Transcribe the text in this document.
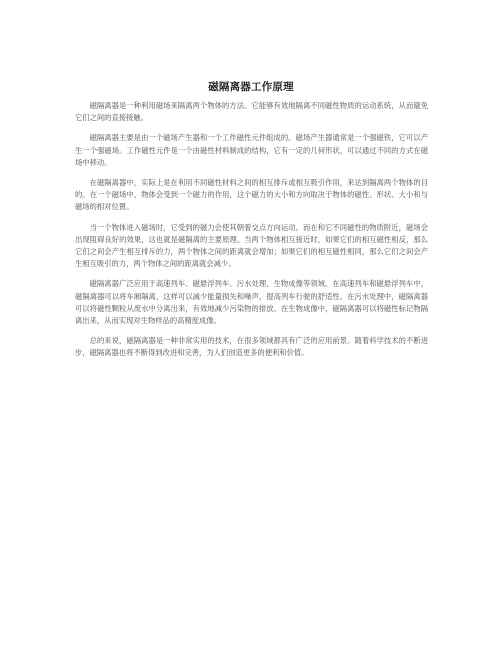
磁隔离器工作原理

磁隔离器是一种利用磁场来隔离两个物体的方法。它能够有效地隔离不同磁性物质的运动系统，从而避免它们之间的直接接触。

磁隔离器主要是由一个磁场产生器和一个工作磁性元件组成的。磁场产生器通常是一个强磁铁，它可以产生一个强磁场。工作磁性元件是一个由磁性材料制成的结构，它有一定的几何形状，可以通过不同的方式在磁场中移动。

在磁隔离器中，实际上是在利用不同磁性材料之间的相互排斥或相互吸引作用，来达到隔离两个物体的目的。在一个磁场中，物体会受到一个磁力的作用，这个磁力的大小和方向取决于物体的磁性、形状、大小和与磁场的相对位置。

当一个物体进入磁场时，它受到的磁力会使其朝着交点方向运动。而在和它不同磁性的物质附近，磁场会出现阻碍良好的效果，这也就是磁隔离的主要原理。当两个物体相互接近时，如果它们的相互磁性相反，那么它们之间会产生相互排斥的力，两个物体之间的距离就会增加；如果它们的相互磁性相同，那么它们之间会产生相互吸引的力，两个物体之间的距离就会减少。

磁隔离器广泛应用于高速列车、磁悬浮列车、污水处理、生物成像等领域。在高速列车和磁悬浮列车中，磁隔离器可以将车厢隔离，这样可以减少能量损失和噪声，提高列车行驶的舒适性。在污水处理中，磁隔离器可以将磁性颗粒从废水中分离出来，有效地减少污染物的排放。在生物成像中，磁隔离器可以将磁性标记物隔离出来，从而实现对生物样品的高精度成像。

总的来说，磁隔离器是一种非常实用的技术，在很多领域都具有广泛的应用前景。随着科学技术的不断进步，磁隔离器也将不断得到改进和完善，为人们创造更多的便利和价值。
